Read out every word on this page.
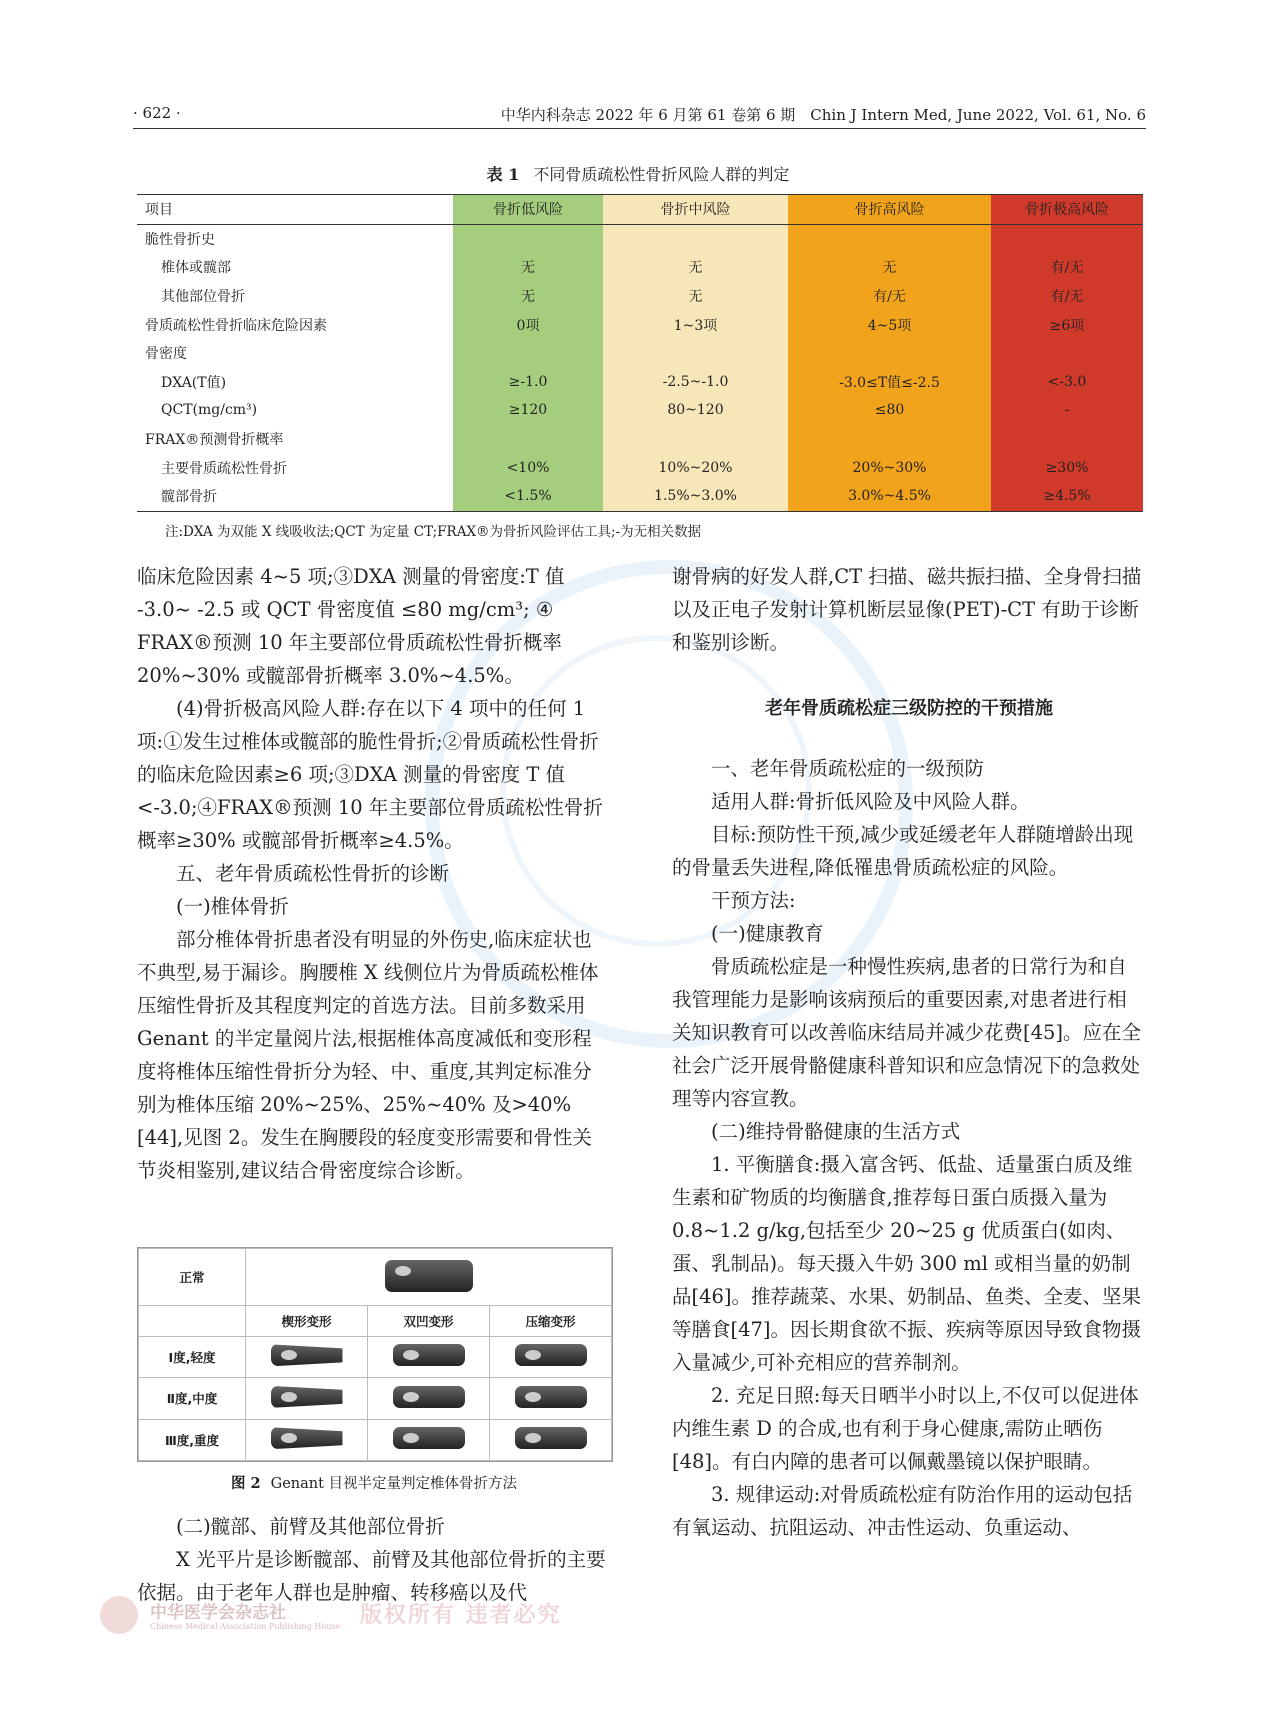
· 622 ·	中华内科杂志 2022 年 6 月第 61 卷第 6 期　Chin J Intern Med, June 2022, Vol. 61, No. 6
表 1 不同骨质疏松性骨折风险人群的判定
项目	骨折低风险	骨折中风险	骨折高风险	骨折极高风险
脆性骨折史				
椎体或髋部	无	无	无	有/无
其他部位骨折	无	无	有/无	有/无
骨质疏松性骨折临床危险因素	0项	1~3项	4~5项	≥6项
骨密度				
DXA(T值)	≥-1.0	-2.5~-1.0	-3.0≤T值≤-2.5	<-3.0
QCT(mg/cm³)	≥120	80~120	≤80	-
FRAX®预测骨折概率				
主要骨质疏松性骨折	<10%	10%~20%	20%~30%	≥30%
髋部骨折	<1.5%	1.5%~3.0%	3.0%~4.5%	≥4.5%
注:DXA 为双能 X 线吸收法;QCT 为定量 CT;FRAX®为骨折风险评估工具;-为无相关数据

临床危险因素 4~5 项;③DXA 测量的骨密度:T 值 -3.0~ -2.5 或 QCT 骨密度值 ≤80 mg/cm³; ④ FRAX®预测 10 年主要部位骨质疏松性骨折概率 20%~30% 或髋部骨折概率 3.0%~4.5%。

(4)骨折极高风险人群:存在以下 4 项中的任何 1 项:①发生过椎体或髋部的脆性骨折;②骨质疏松性骨折的临床危险因素≥6 项;③DXA 测量的骨密度 T 值<-3.0;④FRAX®预测 10 年主要部位骨质疏松性骨折概率≥30% 或髋部骨折概率≥4.5%。

五、老年骨质疏松性骨折的诊断

(一)椎体骨折

部分椎体骨折患者没有明显的外伤史,临床症状也不典型,易于漏诊。胸腰椎 X 线侧位片为骨质疏松椎体压缩性骨折及其程度判定的首选方法。目前多数采用 Genant 的半定量阅片法,根据椎体高度减低和变形程度将椎体压缩性骨折分为轻、中、重度,其判定标准分别为椎体压缩 20%~25%、25%~40% 及>40%[44],见图 2。发生在胸腰段的轻度变形需要和骨性关节炎相鉴别,建议结合骨密度综合诊断。

正常			
	楔形变形	双凹变形	压缩变形
Ⅰ度,轻度			
Ⅱ度,中度			
Ⅲ度,重度			
图 2 Genant 目视半定量判定椎体骨折方法

(二)髋部、前臂及其他部位骨折

X 光平片是诊断髋部、前臂及其他部位骨折的主要依据。由于老年人群也是肿瘤、转移癌以及代

谢骨病的好发人群,CT 扫描、磁共振扫描、全身骨扫描以及正电子发射计算机断层显像(PET)-CT 有助于诊断和鉴别诊断。

老年骨质疏松症三级防控的干预措施

一、老年骨质疏松症的一级预防

适用人群:骨折低风险及中风险人群。

目标:预防性干预,减少或延缓老年人群随增龄出现的骨量丢失进程,降低罹患骨质疏松症的风险。

干预方法:

(一)健康教育

骨质疏松症是一种慢性疾病,患者的日常行为和自我管理能力是影响该病预后的重要因素,对患者进行相关知识教育可以改善临床结局并减少花费[45]。应在全社会广泛开展骨骼健康科普知识和应急情况下的急救处理等内容宣教。

(二)维持骨骼健康的生活方式

1. 平衡膳食:摄入富含钙、低盐、适量蛋白质及维生素和矿物质的均衡膳食,推荐每日蛋白质摄入量为 0.8~1.2 g/kg,包括至少 20~25 g 优质蛋白(如肉、蛋、乳制品)。每天摄入牛奶 300 ml 或相当量的奶制品[46]。推荐蔬菜、水果、奶制品、鱼类、全麦、坚果等膳食[47]。因长期食欲不振、疾病等原因导致食物摄入量减少,可补充相应的营养制剂。

2. 充足日照:每天日晒半小时以上,不仅可以促进体内维生素 D 的合成,也有利于身心健康,需防止晒伤[48]。有白内障的患者可以佩戴墨镜以保护眼睛。

3. 规律运动:对骨质疏松症有防治作用的运动包括有氧运动、抗阻运动、冲击性运动、负重运动、

中华医学会杂志社
Chinese Medical Association Publishing House 版权所有 违者必究
